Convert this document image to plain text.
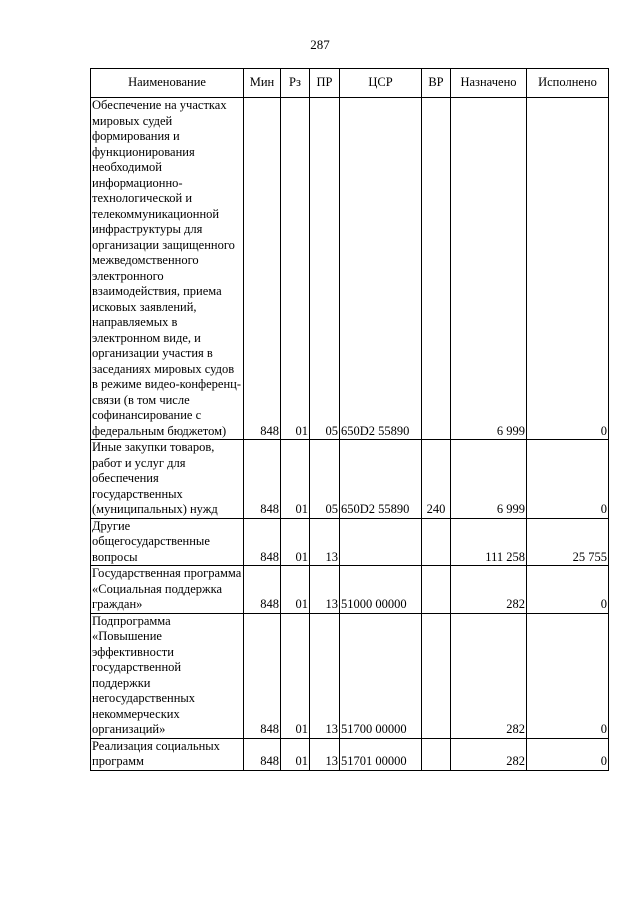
287
Наименование	Мин	Рз	ПР	ЦСР	ВР	Назначено	Исполнено
Обеспечение на участках мировых судей формирования и функционирования необходимой информационно-технологической и телекоммуникационной инфраструктуры для организации защищенного межведомственного электронного взаимодействия, приема исковых заявлений, направляемых в электронном виде, и организации участия в заседаниях мировых судов в режиме видео-конференц-связи (в том числе софинансирование с федеральным бюджетом)	848	01	05	650D2 55890		6 999	0
Иные закупки товаров, работ и услуг для обеспечения государственных (муниципальных) нужд	848	01	05	650D2 55890	240	6 999	0
Другие общегосударственные вопросы	848	01	13			111 258	25 755
Государственная программа «Социальная поддержка граждан»	848	01	13	51000 00000		282	0
Подпрограмма «Повышение эффективности государственной поддержки негосударственных некоммерческих организаций»	848	01	13	51700 00000		282	0
Реализация социальных программ	848	01	13	51701 00000		282	0
